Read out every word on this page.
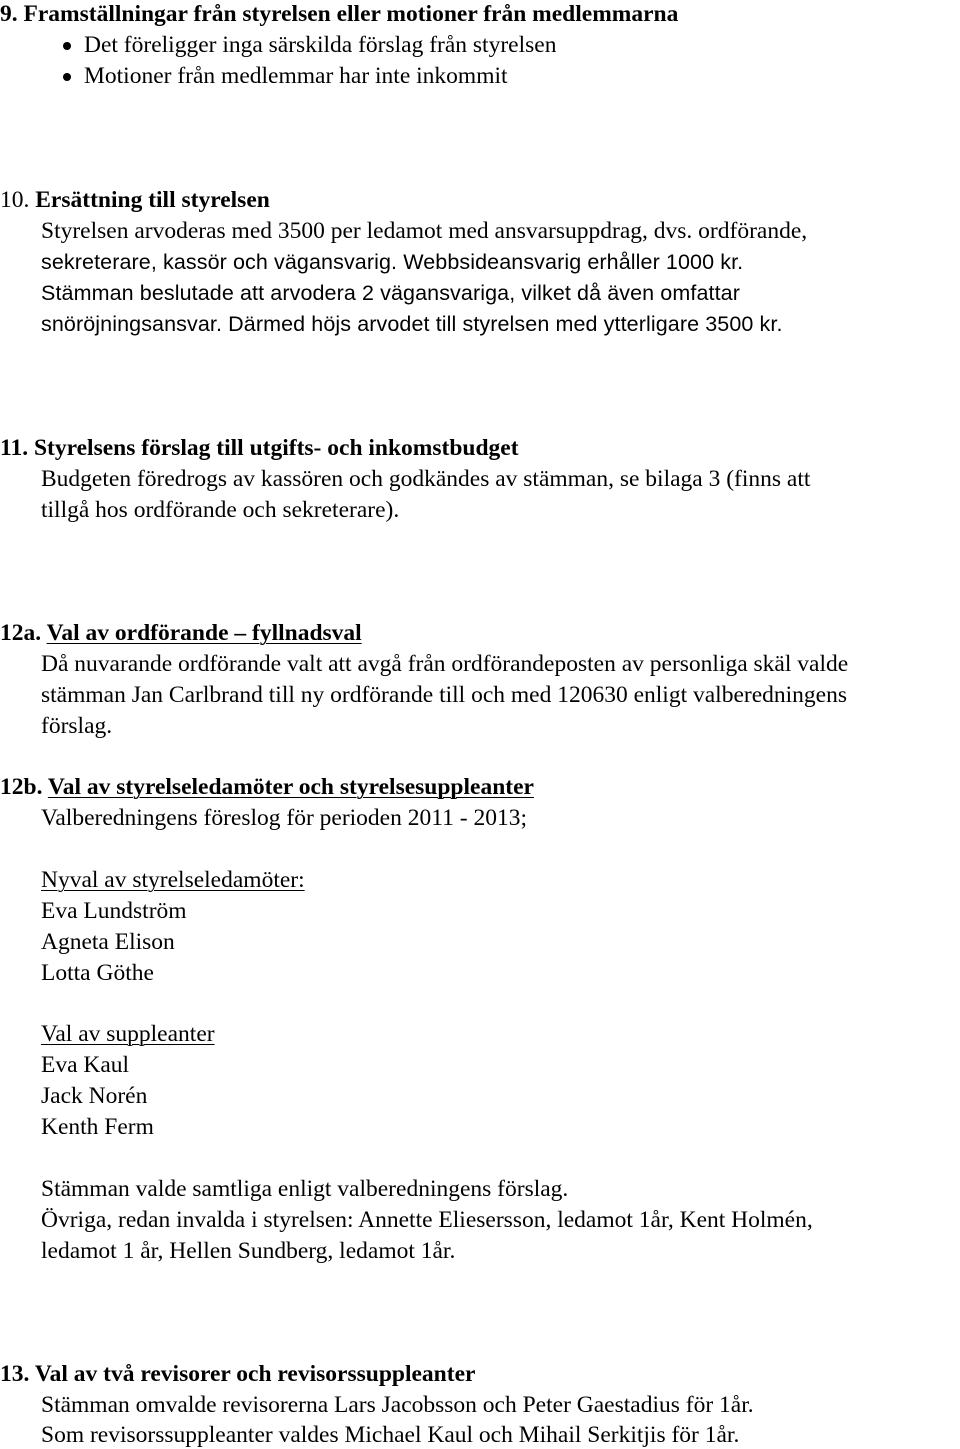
9. Framställningar från styrelsen eller motioner från medlemmarna
Det föreligger inga särskilda förslag från styrelsen
Motioner från medlemmar har inte inkommit
10. Ersättning till styrelsen
Styrelsen arvoderas med 3500 per ledamot med ansvarsuppdrag, dvs. ordförande,
sekreterare, kassör och vägansvarig. Webbsideansvarig erhåller 1000 kr.
Stämman beslutade att arvodera 2 vägansvariga, vilket då även omfattar
snöröjningsansvar. Därmed höjs arvodet till styrelsen med ytterligare 3500 kr.
11. Styrelsens förslag till utgifts- och inkomstbudget
Budgeten föredrogs av kassören och godkändes av stämman, se bilaga 3 (finns att
tillgå hos ordförande och sekreterare).
12a. Val av ordförande – fyllnadsval
Då nuvarande ordförande valt att avgå från ordförandeposten av personliga skäl valde
stämman Jan Carlbrand till ny ordförande till och med 120630 enligt valberedningens
förslag.
12b. Val av styrelseledamöter och styrelsesuppleanter
Valberedningens föreslog för perioden 2011 - 2013;
Nyval av styrelseledamöter:
Eva Lundström
Agneta Elison
Lotta Göthe
Val av suppleanter
Eva Kaul
Jack Norén
Kenth Ferm
Stämman valde samtliga enligt valberedningens förslag.
Övriga, redan invalda i styrelsen: Annette Eliesersson, ledamot 1år, Kent Holmén,
ledamot 1 år, Hellen Sundberg, ledamot 1år.
13. Val av två revisorer och revisorssuppleanter
Stämman omvalde revisorerna Lars Jacobsson och Peter Gaestadius för 1år.
Som revisorssuppleanter valdes Michael Kaul och Mihail Serkitjis för 1år.
